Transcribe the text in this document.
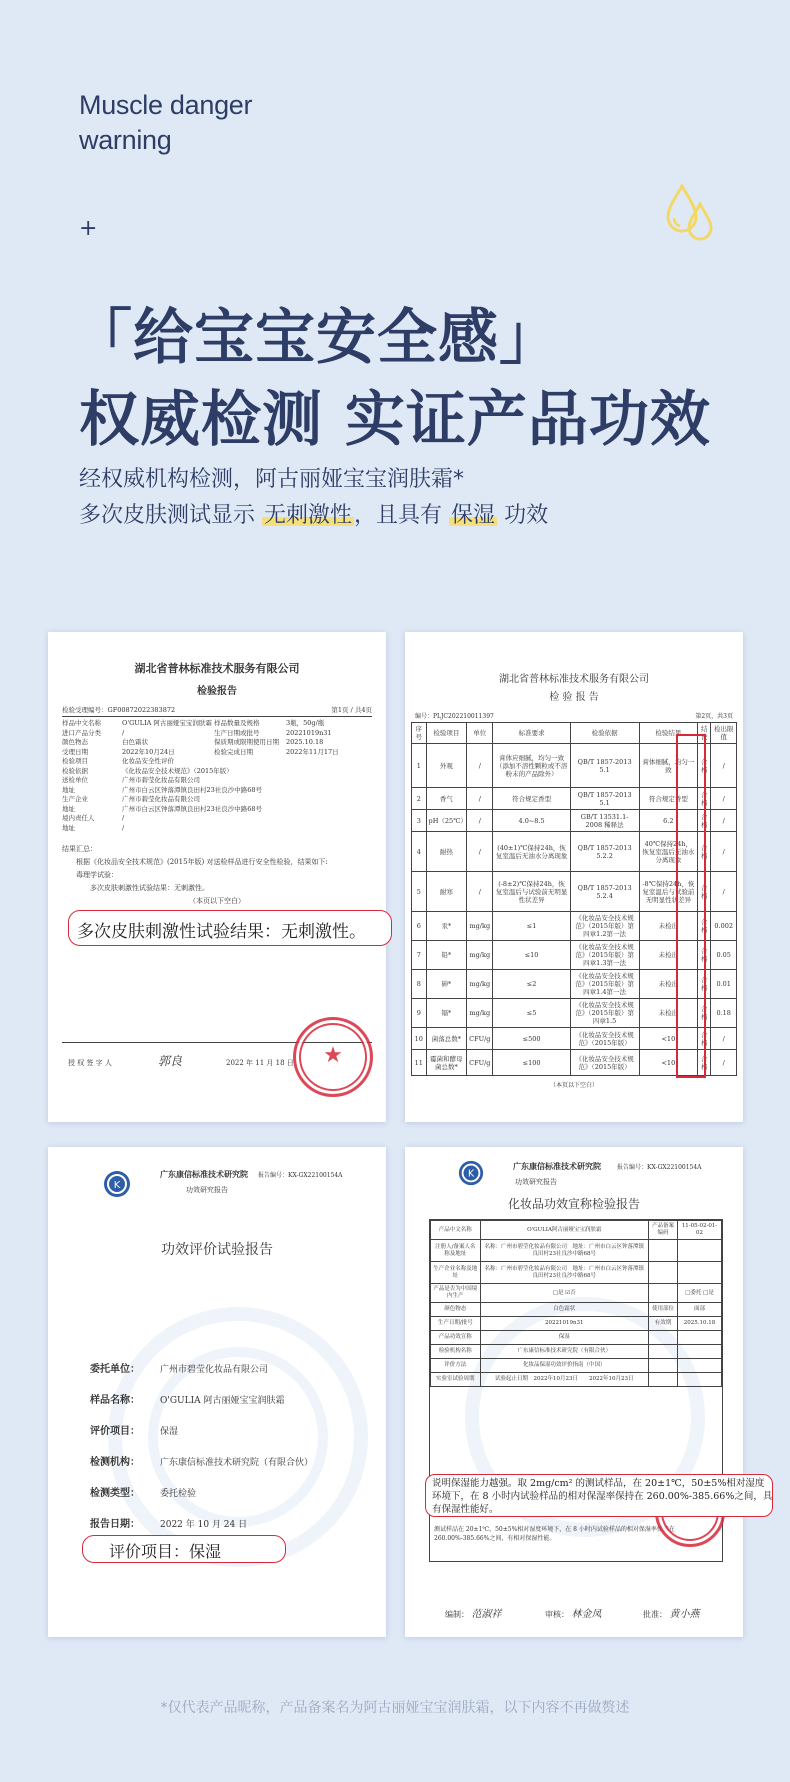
Muscle danger
warning
+
「给宝宝安全感」
权威检测 实证产品功效
经权威机构检测，阿古丽娅宝宝润肤霜*
多次皮肤测试显示 无刺激性，且具有 保湿 功效
湖北省普林标准技术服务有限公司
检验报告
检验受理编号：GF00872022383872	第1页 / 共4页
样品中文名称	O'GULIA 阿古丽娅宝宝润肤霜 样品数量及规格	3瓶，50g/瓶
进口产品分类	/	生产日期或批号	20221019n31
颜色物态	白色霜状	保质期或限期使用日期	2025.10.18
受理日期	2022年10月24日	检验完成日期	2022年11月17日
检验项目	化妆品安全性评价
检验依据	《化妆品安全技术规范》（2015年版）
送检单位	广州市碧莹化妆品有限公司
地址	广州市白云区钟落潭镇良田村23社良沙中路68号
生产企业	广州市碧莹化妆品有限公司
地址	广州市白云区钟落潭镇良田村23社良沙中路68号
境内责任人	/
地址	/
结果汇总：
根据《化妆品安全技术规范》(2015年版) 对送检样品进行安全性检验，结果如下:
毒理学试验：
多次皮肤刺激性试验结果：无刺激性。
（本页以下空白）
授 权 签 字 人	郭良	2022 年 11 月 18 日 ★
多次皮肤刺激性试验结果：无刺激性。
湖北省普林标准技术服务有限公司
检 验 报 告
编号：PLJC202210011397	第2页，共3页
序号	检验项目	单位	标准要求	检验依据	检验结果	结论	检出限值
1	外观	/	膏体应细腻，均匀一致（添加不溶性颗粒或不溶粉末的产品除外）	QB/T 1857-2013 5.1	膏体细腻，均匀一致	合格	/
2	香气	/	符合规定香型	QB/T 1857-2013 5.1	符合规定香型	合格	/
3	pH（25℃）	/	4.0~8.5	GB/T 13531.1-2008 稀释法	6.2	合格	/
4	耐热	/	(40±1)℃保持24h，恢复室温后无油水分离现象	QB/T 1857-2013 5.2.2	40℃保持24h，恢复室温后无油水分离现象	合格	/
5	耐寒	/	(-8±2)℃保持24h，恢复室温后与试验前无明显性状差异	QB/T 1857-2013 5.2.4	-8℃保持24h，恢复室温后与试验前无明显性状差异	合格	/
6	汞*	mg/kg	≤1	《化妆品安全技术规范》（2015年版）第四章1.2第一法	未检出	合格	0.002
7	铅*	mg/kg	≤10	《化妆品安全技术规范》（2015年版）第四章1.3第一法	未检出	合格	0.05
8	砷*	mg/kg	≤2	《化妆品安全技术规范》（2015年版）第四章1.4第一法	未检出	合格	0.01
9	镉*	mg/kg	≤5	《化妆品安全技术规范》（2015年版）第四章1.5	未检出	合格	0.18
10	菌落总数*	CFU/g	≤500	《化妆品安全技术规范》（2015年版）	<10	合格	/
11	霉菌和酵母菌总数*	CFU/g	≤100	《化妆品安全技术规范》（2015年版）	<10	合格	/
（本页以下空白）
K
广东康信标准技术研究院 报告编号：KX-GX22100154A
功效研究报告
功效评价试验报告
委托单位： 广州市碧莹化妆品有限公司
样品名称： O'GULIA 阿古丽娅宝宝润肤霜
评价项目： 保湿
检测机构： 广东康信标准技术研究院（有限合伙）
检测类型： 委托检验
报告日期： 2022 年 10 月 24 日
评价项目：保湿
K
广东康信标准技术研究院	报告编号：KX-GX22100154A
功效研究报告
化妆品功效宣称检验报告
产品中文名称	O'GULIA阿古丽娅宝宝润肤霜	产品备案编码	11-05-02-01-02
注册人/备案人名称及地址	名称：广州市碧莹化妆品有限公司　地址：广州市白云区钟落潭镇良田村23社良沙中路68号		
生产企业名称及地址	名称：广州市碧莹化妆品有限公司　地址：广州市白云区钟落潭镇良田村23社良沙中路68号		
产品是否为中国境内生产	□是 ☑否		□委托 □是
颜色物态	白色霜状	使用部位	面部
生产日期/批号	20221019n31	有效期	2025.10.18
产品功效宣称	保湿		
检验机构名称	广东康信标准技术研究院（有限合伙）		
评价方法	化妆品保湿功效评价指南（中国）		
实验室试验周期	试验起止日期　2022年10月23日　　2022年10月23日		
测试样品在 20±1℃，50±5%相对湿度环境下，在 8 小时内试验样品的相对保湿率保持在
260.00%-385.66%之间，有相对保湿性能。
编制： 范淑祥	审核： 林金凤	批准： 黄小燕
说明保湿能力越强。取 2mg/cm² 的测试样品，在 20±1℃，50±5%相对湿度
环境下，在 8 小时内试验样品的相对保湿率保持在 260.00%-385.66%之间，具
有保湿性能好。
*仅代表产品昵称，产品备案名为阿古丽娅宝宝润肤霜，以下内容不再做赘述
